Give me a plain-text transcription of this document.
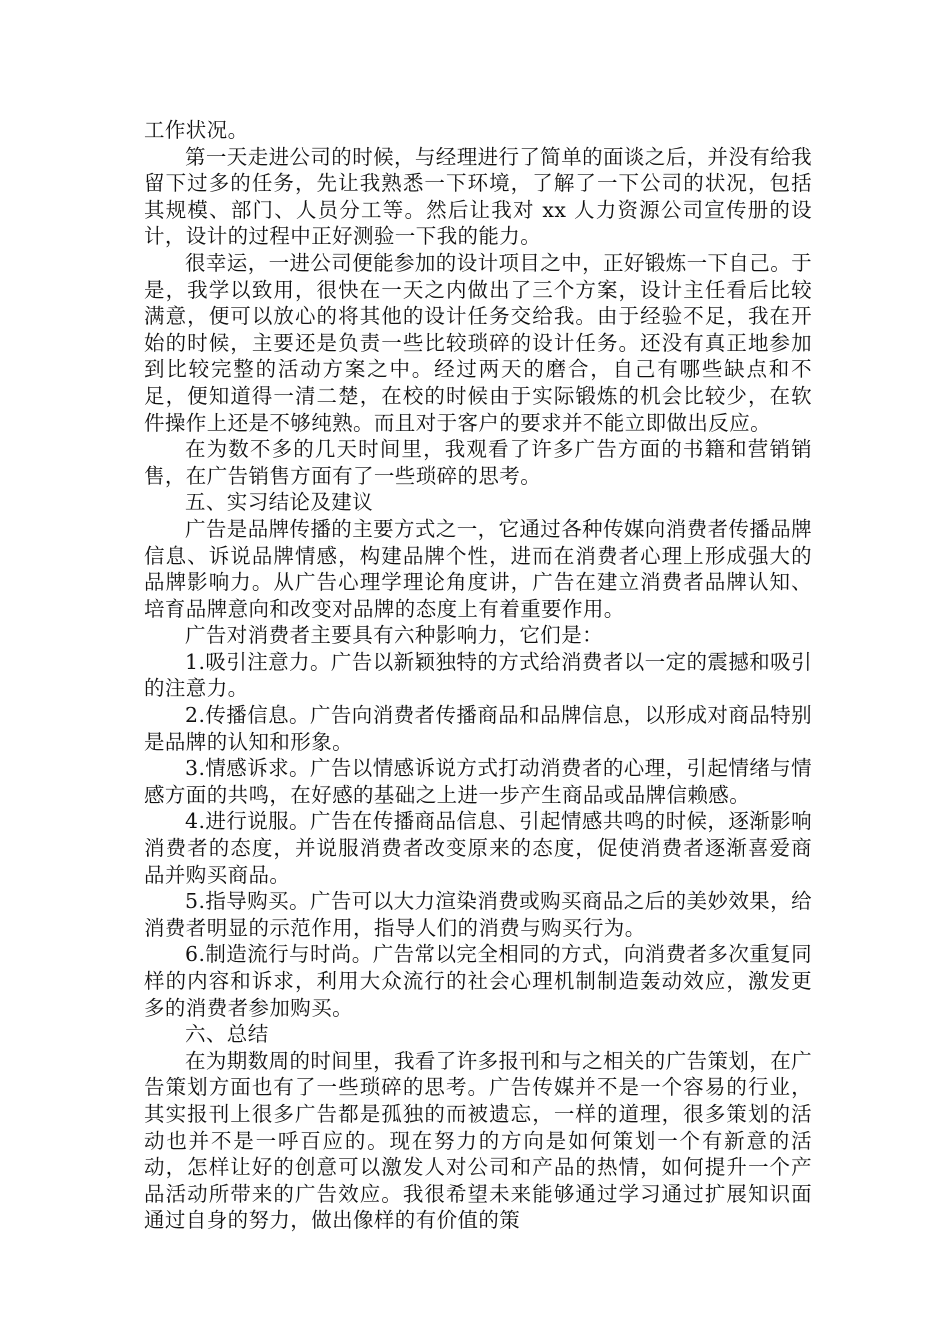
工作状况。

第一天走进公司的时候，与经理进行了简单的面谈之后，并没有给我留下过多的任务，先让我熟悉一下环境，了解了一下公司的状况，包括其规模、部门、人员分工等。然后让我对 xx 人力资源公司宣传册的设计，设计的过程中正好测验一下我的能力。

很幸运，一进公司便能参加的设计项目之中，正好锻炼一下自己。于是，我学以致用，很快在一天之内做出了三个方案，设计主任看后比较满意，便可以放心的将其他的设计任务交给我。由于经验不足，我在开始的时候，主要还是负责一些比较琐碎的设计任务。还没有真正地参加到比较完整的活动方案之中。经过两天的磨合，自己有哪些缺点和不足，便知道得一清二楚，在校的时候由于实际锻炼的机会比较少，在软件操作上还是不够纯熟。而且对于客户的要求并不能立即做出反应。

在为数不多的几天时间里，我观看了许多广告方面的书籍和营销销售，在广告销售方面有了一些琐碎的思考。

五、实习结论及建议

广告是品牌传播的主要方式之一，它通过各种传媒向消费者传播品牌信息、诉说品牌情感，构建品牌个性，进而在消费者心理上形成强大的品牌影响力。从广告心理学理论角度讲，广告在建立消费者品牌认知、培育品牌意向和改变对品牌的态度上有着重要作用。

广告对消费者主要具有六种影响力，它们是：

1.吸引注意力。广告以新颖独特的方式给消费者以一定的震撼和吸引的注意力。

2.传播信息。广告向消费者传播商品和品牌信息，以形成对商品特别是品牌的认知和形象。

3.情感诉求。广告以情感诉说方式打动消费者的心理，引起情绪与情感方面的共鸣，在好感的基础之上进一步产生商品或品牌信赖感。

4.进行说服。广告在传播商品信息、引起情感共鸣的时候，逐渐影响消费者的态度，并说服消费者改变原来的态度，促使消费者逐渐喜爱商品并购买商品。

5.指导购买。广告可以大力渲染消费或购买商品之后的美妙效果，给消费者明显的示范作用，指导人们的消费与购买行为。

6.制造流行与时尚。广告常以完全相同的方式，向消费者多次重复同样的内容和诉求，利用大众流行的社会心理机制制造轰动效应，激发更多的消费者参加购买。

六、总结

在为期数周的时间里，我看了许多报刊和与之相关的广告策划，在广告策划方面也有了一些琐碎的思考。广告传媒并不是一个容易的行业，其实报刊上很多广告都是孤独的而被遗忘，一样的道理，很多策划的活动也并不是一呼百应的。现在努力的方向是如何策划一个有新意的活动，怎样让好的创意可以激发人对公司和产品的热情，如何提升一个产品活动所带来的广告效应。我很希望未来能够通过学习通过扩展知识面通过自身的努力，做出像样的有价值的策
